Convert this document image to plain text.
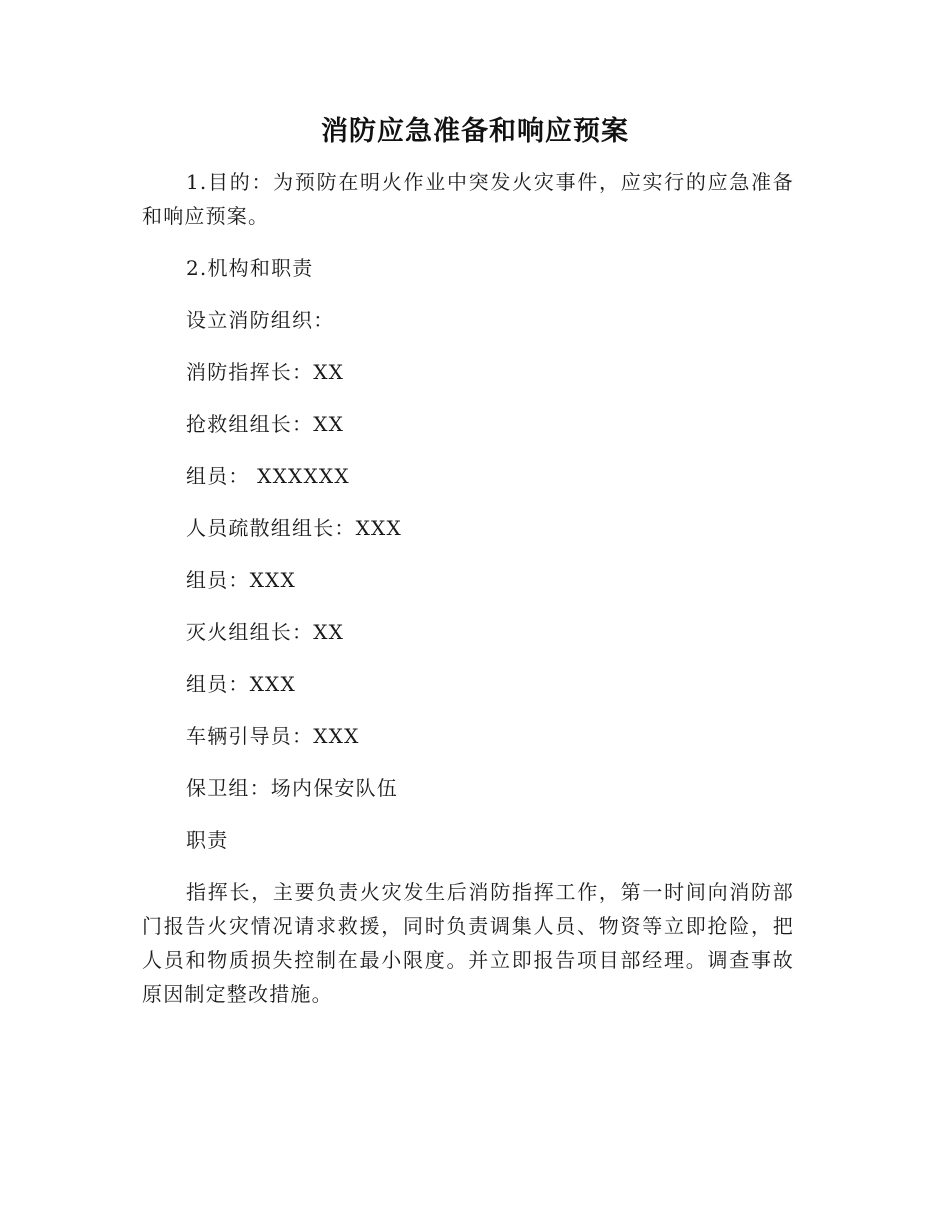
消防应急准备和响应预案

1.目的：为预防在明火作业中突发火灾事件，应实行的应急准备和响应预案。

2.机构和职责

设立消防组织：

消防指挥长：XX

抢救组组长：XX

组员： XXXXXX

人员疏散组组长：XXX

组员：XXX

灭火组组长：XX

组员：XXX

车辆引导员：XXX

保卫组：场内保安队伍

职责

指挥长，主要负责火灾发生后消防指挥工作，第一时间向消防部门报告火灾情况请求救援，同时负责调集人员、物资等立即抢险，把人员和物质损失控制在最小限度。并立即报告项目部经理。调查事故原因制定整改措施。
